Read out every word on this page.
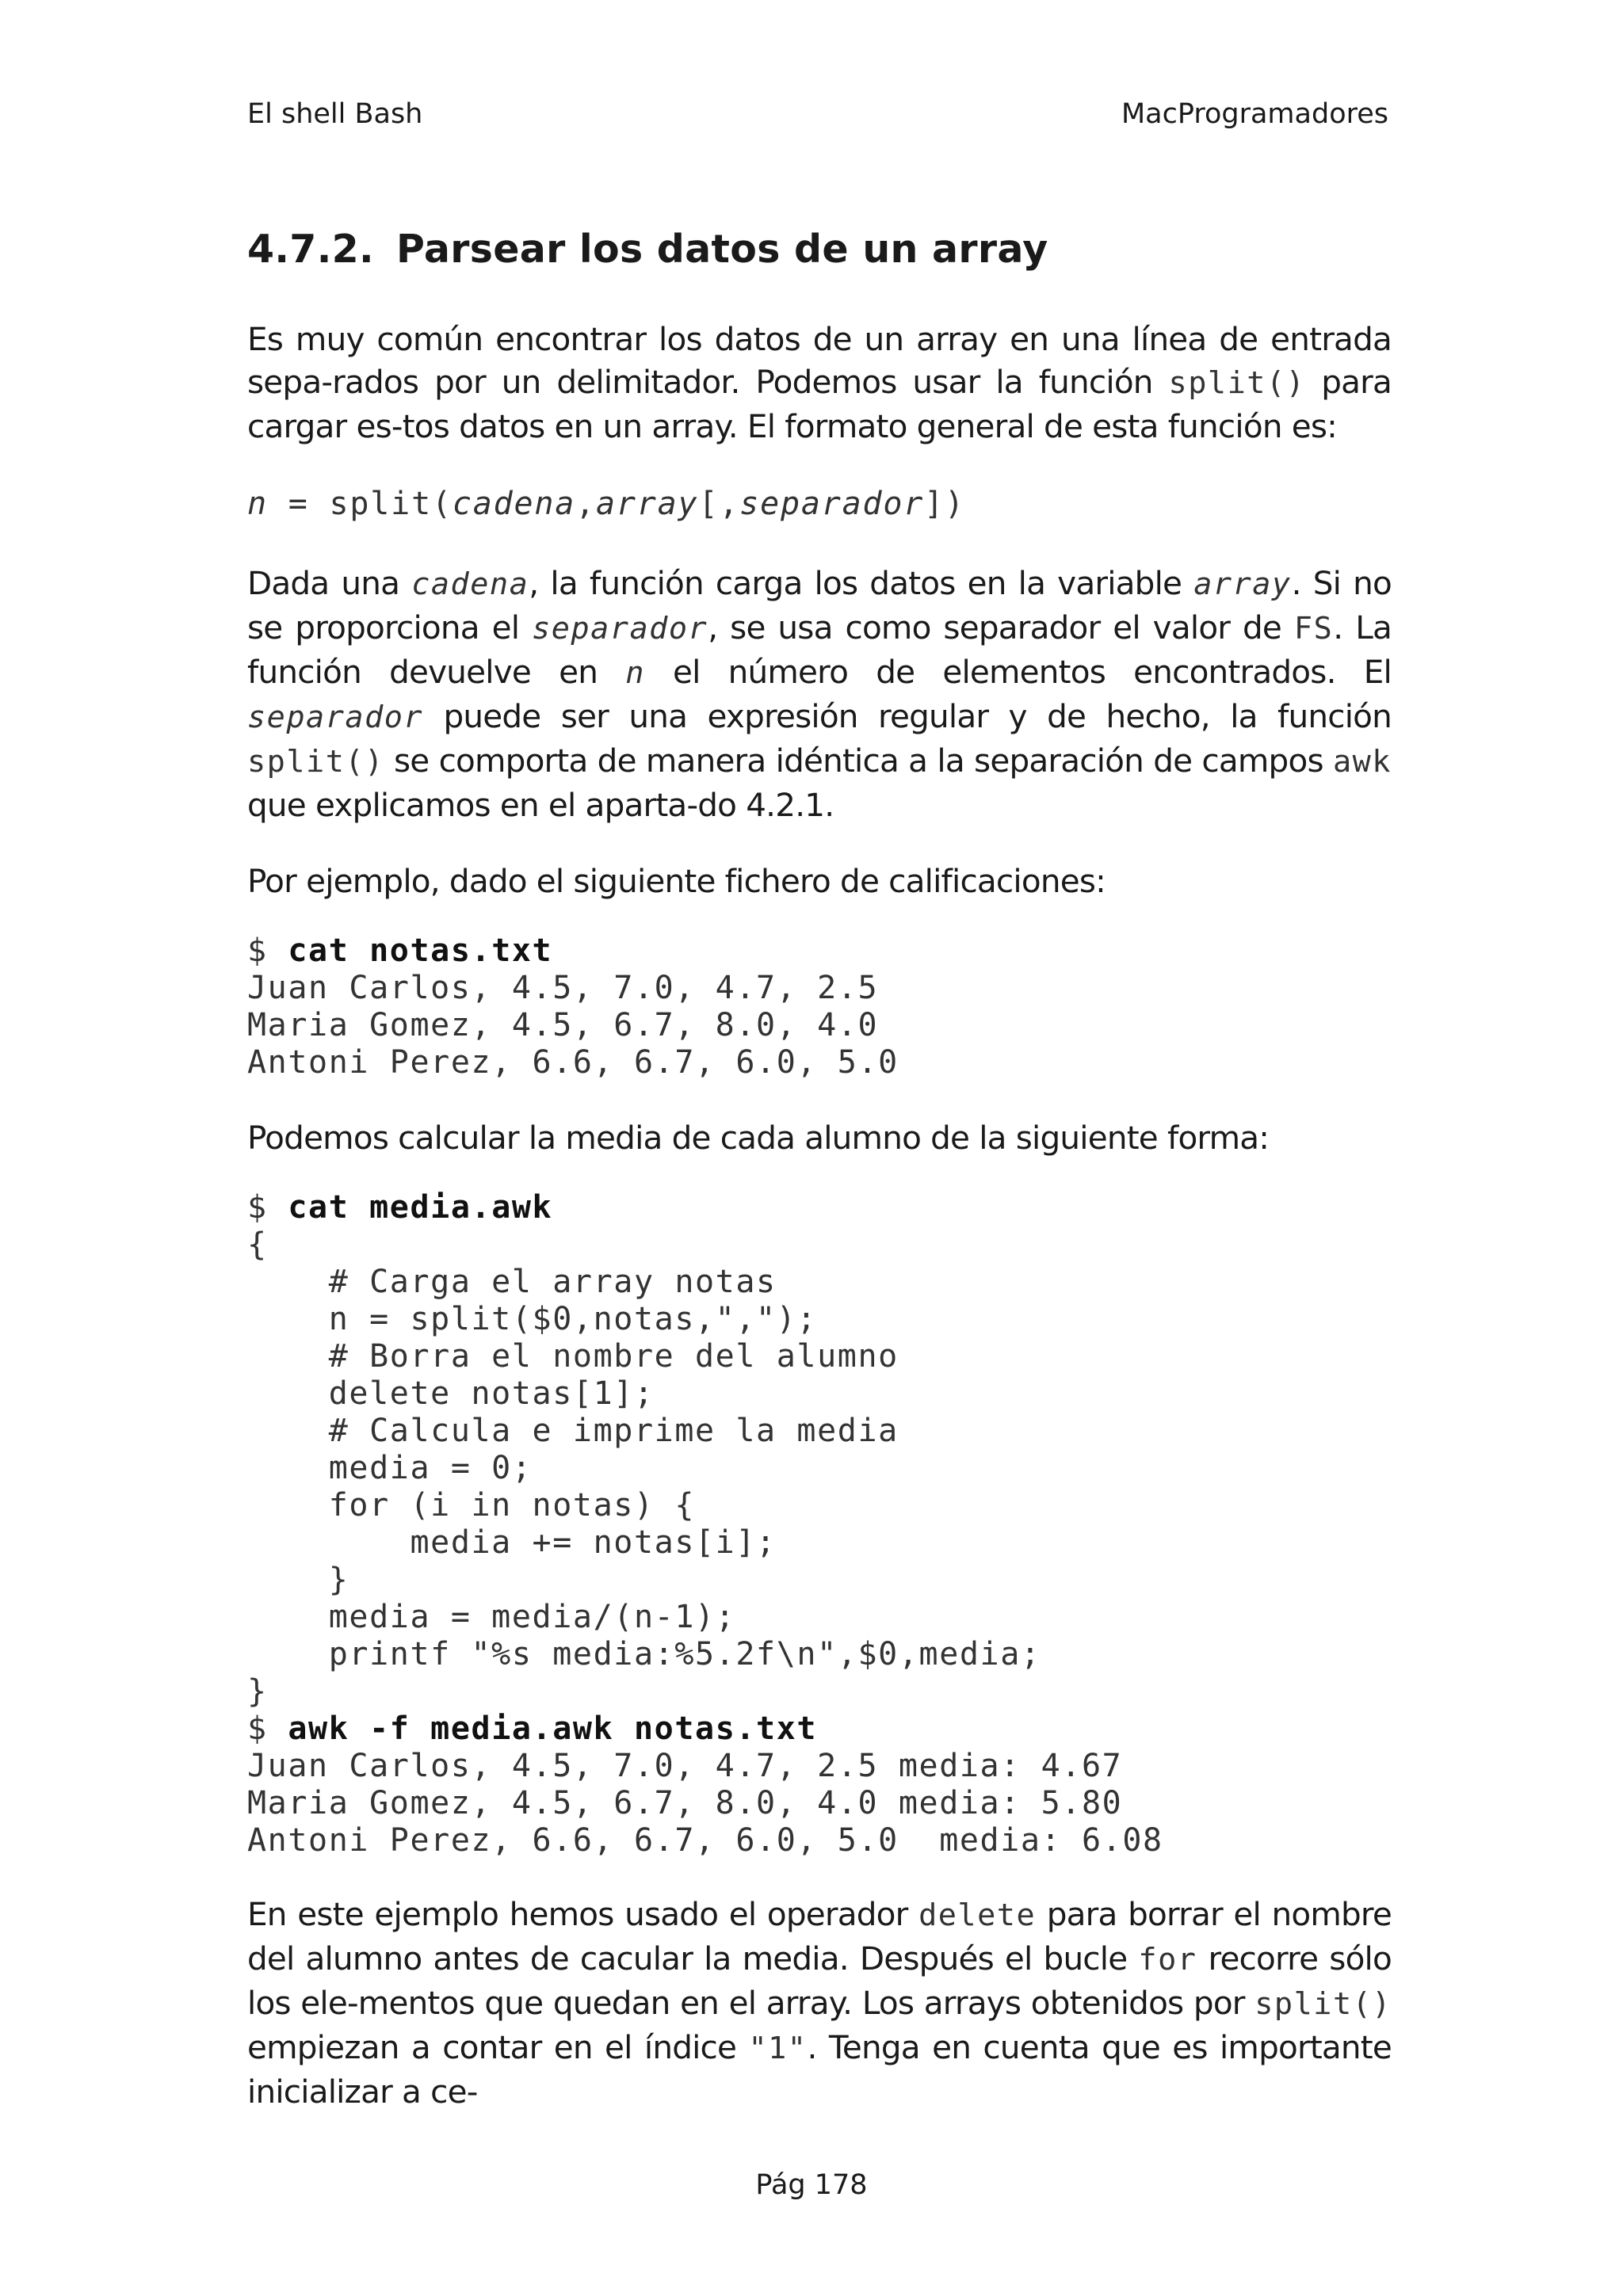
El shell Bash	MacProgramadores
4.7.2. Parsear los datos de un array

Es muy común encontrar los datos de un array en una línea de entrada sepa-rados por un delimitador. Podemos usar la función split() para cargar es-tos datos en un array. El formato general de esta función es:

n = split(cadena,array[,separador])

Dada una cadena, la función carga los datos en la variable array. Si no se proporciona el separador, se usa como separador el valor de FS. La función devuelve en n el número de elementos encontrados. El separador puede ser una expresión regular y de hecho, la función split() se comporta de manera idéntica a la separación de campos awk que explicamos en el aparta-do 4.2.1.

Por ejemplo, dado el siguiente fichero de calificaciones:

$ cat notas.txt
Juan Carlos, 4.5, 7.0, 4.7, 2.5
Maria Gomez, 4.5, 6.7, 8.0, 4.0
Antoni Perez, 6.6, 6.7, 6.0, 5.0

Podemos calcular la media de cada alumno de la siguiente forma:

$ cat media.awk
{
# Carga el array notas
n = split($0,notas,",");
# Borra el nombre del alumno
delete notas[1];
# Calcula e imprime la media
media = 0;
for (i in notas) {
media += notas[i];
}
media = media/(n-1);
printf "%s media:%5.2f\n",$0,media;
}
$ awk -f media.awk notas.txt
Juan Carlos, 4.5, 7.0, 4.7, 2.5 media: 4.67
Maria Gomez, 4.5, 6.7, 8.0, 4.0 media: 5.80
Antoni Perez, 6.6, 6.7, 6.0, 5.0  media: 6.08

En este ejemplo hemos usado el operador delete para borrar el nombre del alumno antes de cacular la media. Después el bucle for recorre sólo los ele-mentos que quedan en el array. Los arrays obtenidos por split() empiezan a contar en el índice "1". Tenga en cuenta que es importante inicializar a ce-

Pág 178
